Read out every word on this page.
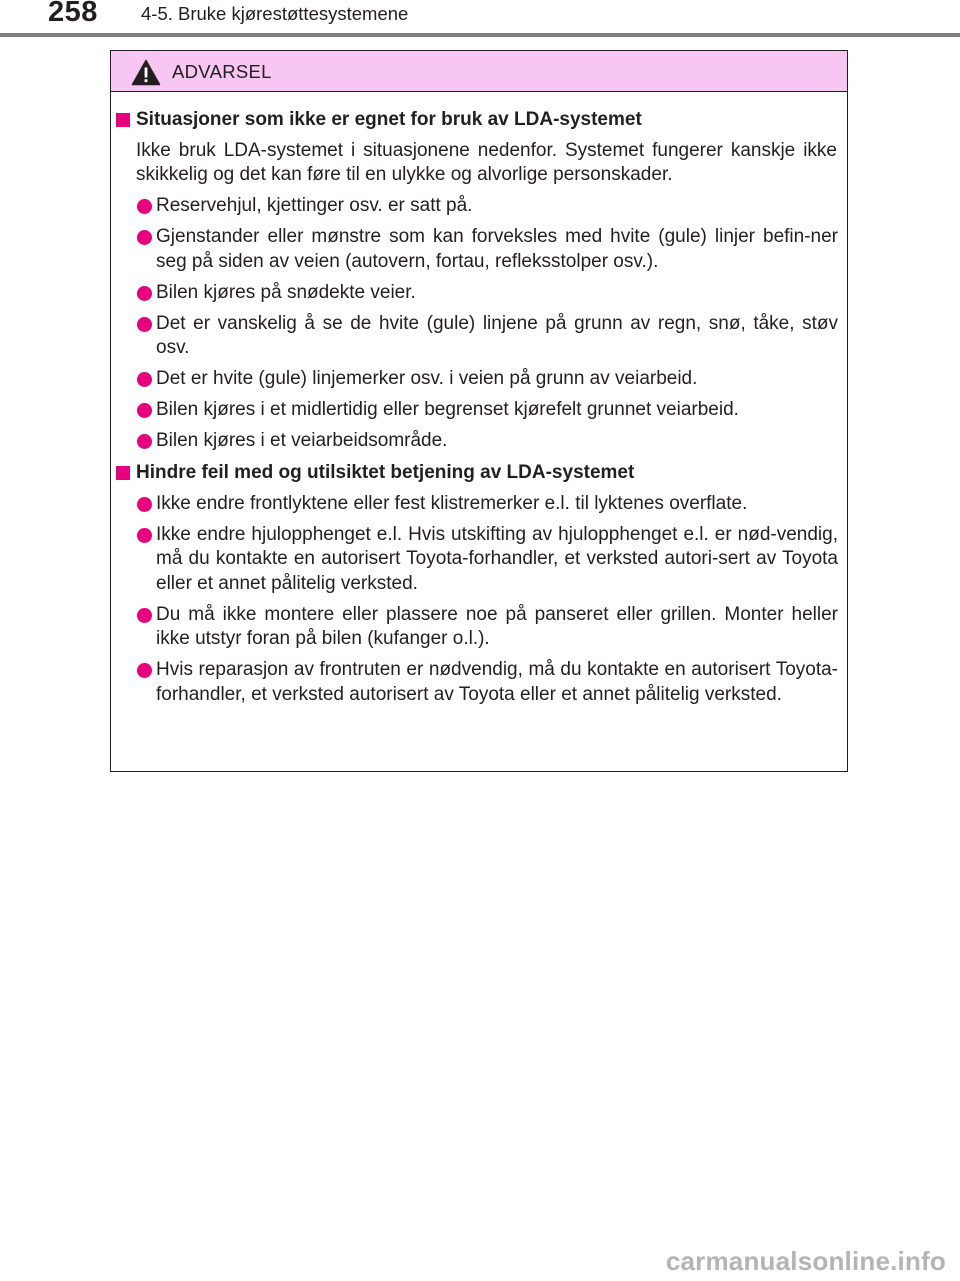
258 4-5. Bruke kjørestøttesystemene
ADVARSEL
Situasjoner som ikke er egnet for bruk av LDA-systemet
Ikke bruk LDA-systemet i situasjonene nedenfor. Systemet fungerer kanskje ikke skikkelig og det kan føre til en ulykke og alvorlige personskader.
Reservehjul, kjettinger osv. er satt på.
Gjenstander eller mønstre som kan forveksles med hvite (gule) linjer befin-ner seg på siden av veien (autovern, fortau, refleksstolper osv.).
Bilen kjøres på snødekte veier.
Det er vanskelig å se de hvite (gule) linjene på grunn av regn, snø, tåke, støv osv.
Det er hvite (gule) linjemerker osv. i veien på grunn av veiarbeid.
Bilen kjøres i et midlertidig eller begrenset kjørefelt grunnet veiarbeid.
Bilen kjøres i et veiarbeidsområde.
Hindre feil med og utilsiktet betjening av LDA-systemet
Ikke endre frontlyktene eller fest klistremerker e.l. til lyktenes overflate.
Ikke endre hjulopphenget e.l. Hvis utskifting av hjulopphenget e.l. er nød-vendig, må du kontakte en autorisert Toyota-forhandler, et verksted autori-sert av Toyota eller et annet pålitelig verksted.
Du må ikke montere eller plassere noe på panseret eller grillen. Monter heller ikke utstyr foran på bilen (kufanger o.l.).
Hvis reparasjon av frontruten er nødvendig, må du kontakte en autorisert Toyota-forhandler, et verksted autorisert av Toyota eller et annet pålitelig verksted.
carmanualsonline.info
